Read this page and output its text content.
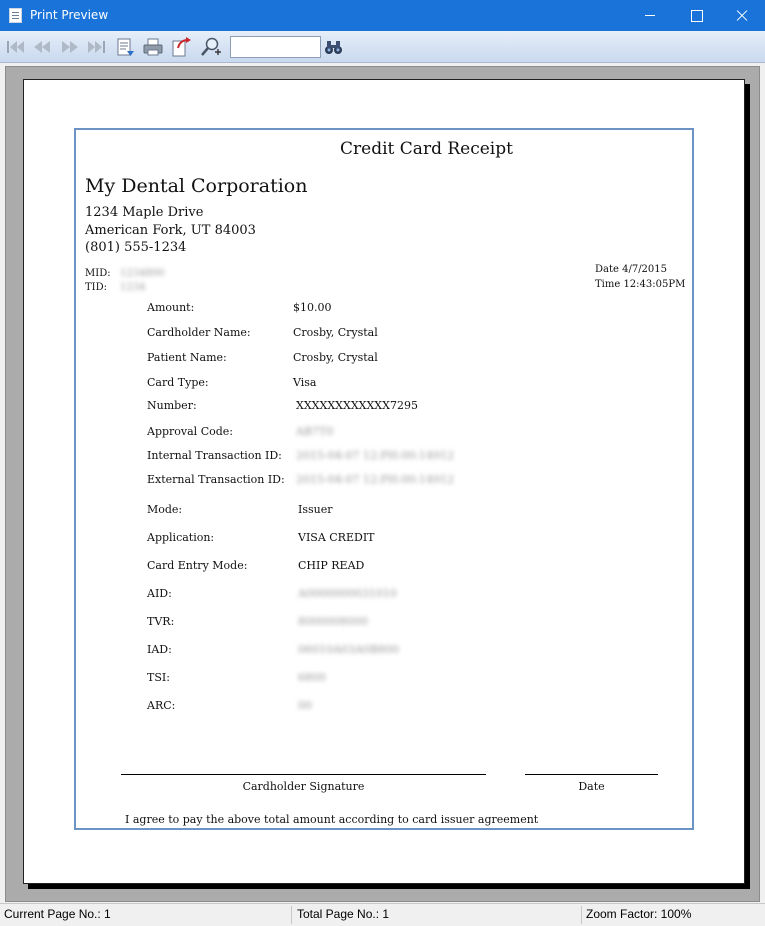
Print Preview
Credit Card Receipt
My Dental Corporation
1234 Maple Drive
American Fork, UT 84003
(801) 555-1234
MID: 1234890
TID: 1234
Date 4/7/2015
Time 12:43:05PM
Amount:	$10.00
Cardholder Name:	Crosby, Crystal
Patient Name:	Crosby, Crystal
Card Type:	Visa
Number:	XXXXXXXXXXXX7295
Approval Code:	AB7T0
Internal Transaction ID: 2015-04-07 12:PH:00:14912
External Transaction ID: 2015-04-07 12:PH:00:14912
Mode:	Issuer
Application:	VISA CREDIT
Card Entry Mode:	CHIP READ
AID:	A0000000031010
TVR:	8000008000
IAD:	06010A03A0B800
TSI:	6800
ARC:	00
Cardholder Signature	Date
I agree to pay the above total amount according to card issuer agreement
Current Page No.: 1	Total Page No.: 1	Zoom Factor: 100%
